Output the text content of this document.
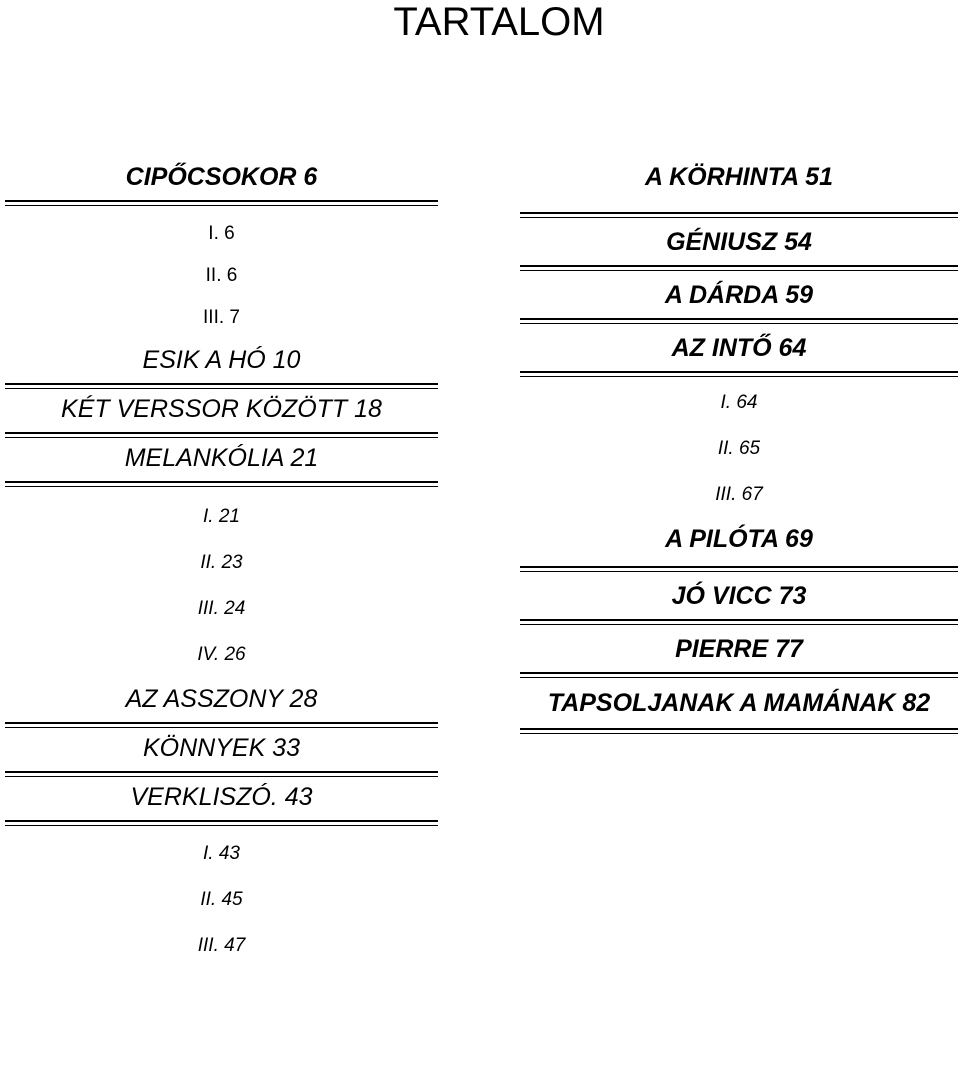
TARTALOM
CIPŐCSOKOR 6
I. 6
II. 6
III. 7
ESIK A HÓ 10
KÉT VERSSOR KÖZÖTT 18
MELANKÓLIA 21
I. 21
II. 23
III. 24
IV. 26
AZ ASSZONY 28
KÖNNYEK 33
VERKLISZÓ. 43
I. 43
II. 45
III. 47
A KÖRHINTA 51
GÉNIUSZ 54
A DÁRDA 59
AZ INTŐ 64
I. 64
II. 65
III. 67
A PILÓTA 69
JÓ VICC 73
PIERRE 77
TAPSOLJANAK A MAMÁNAK 82
